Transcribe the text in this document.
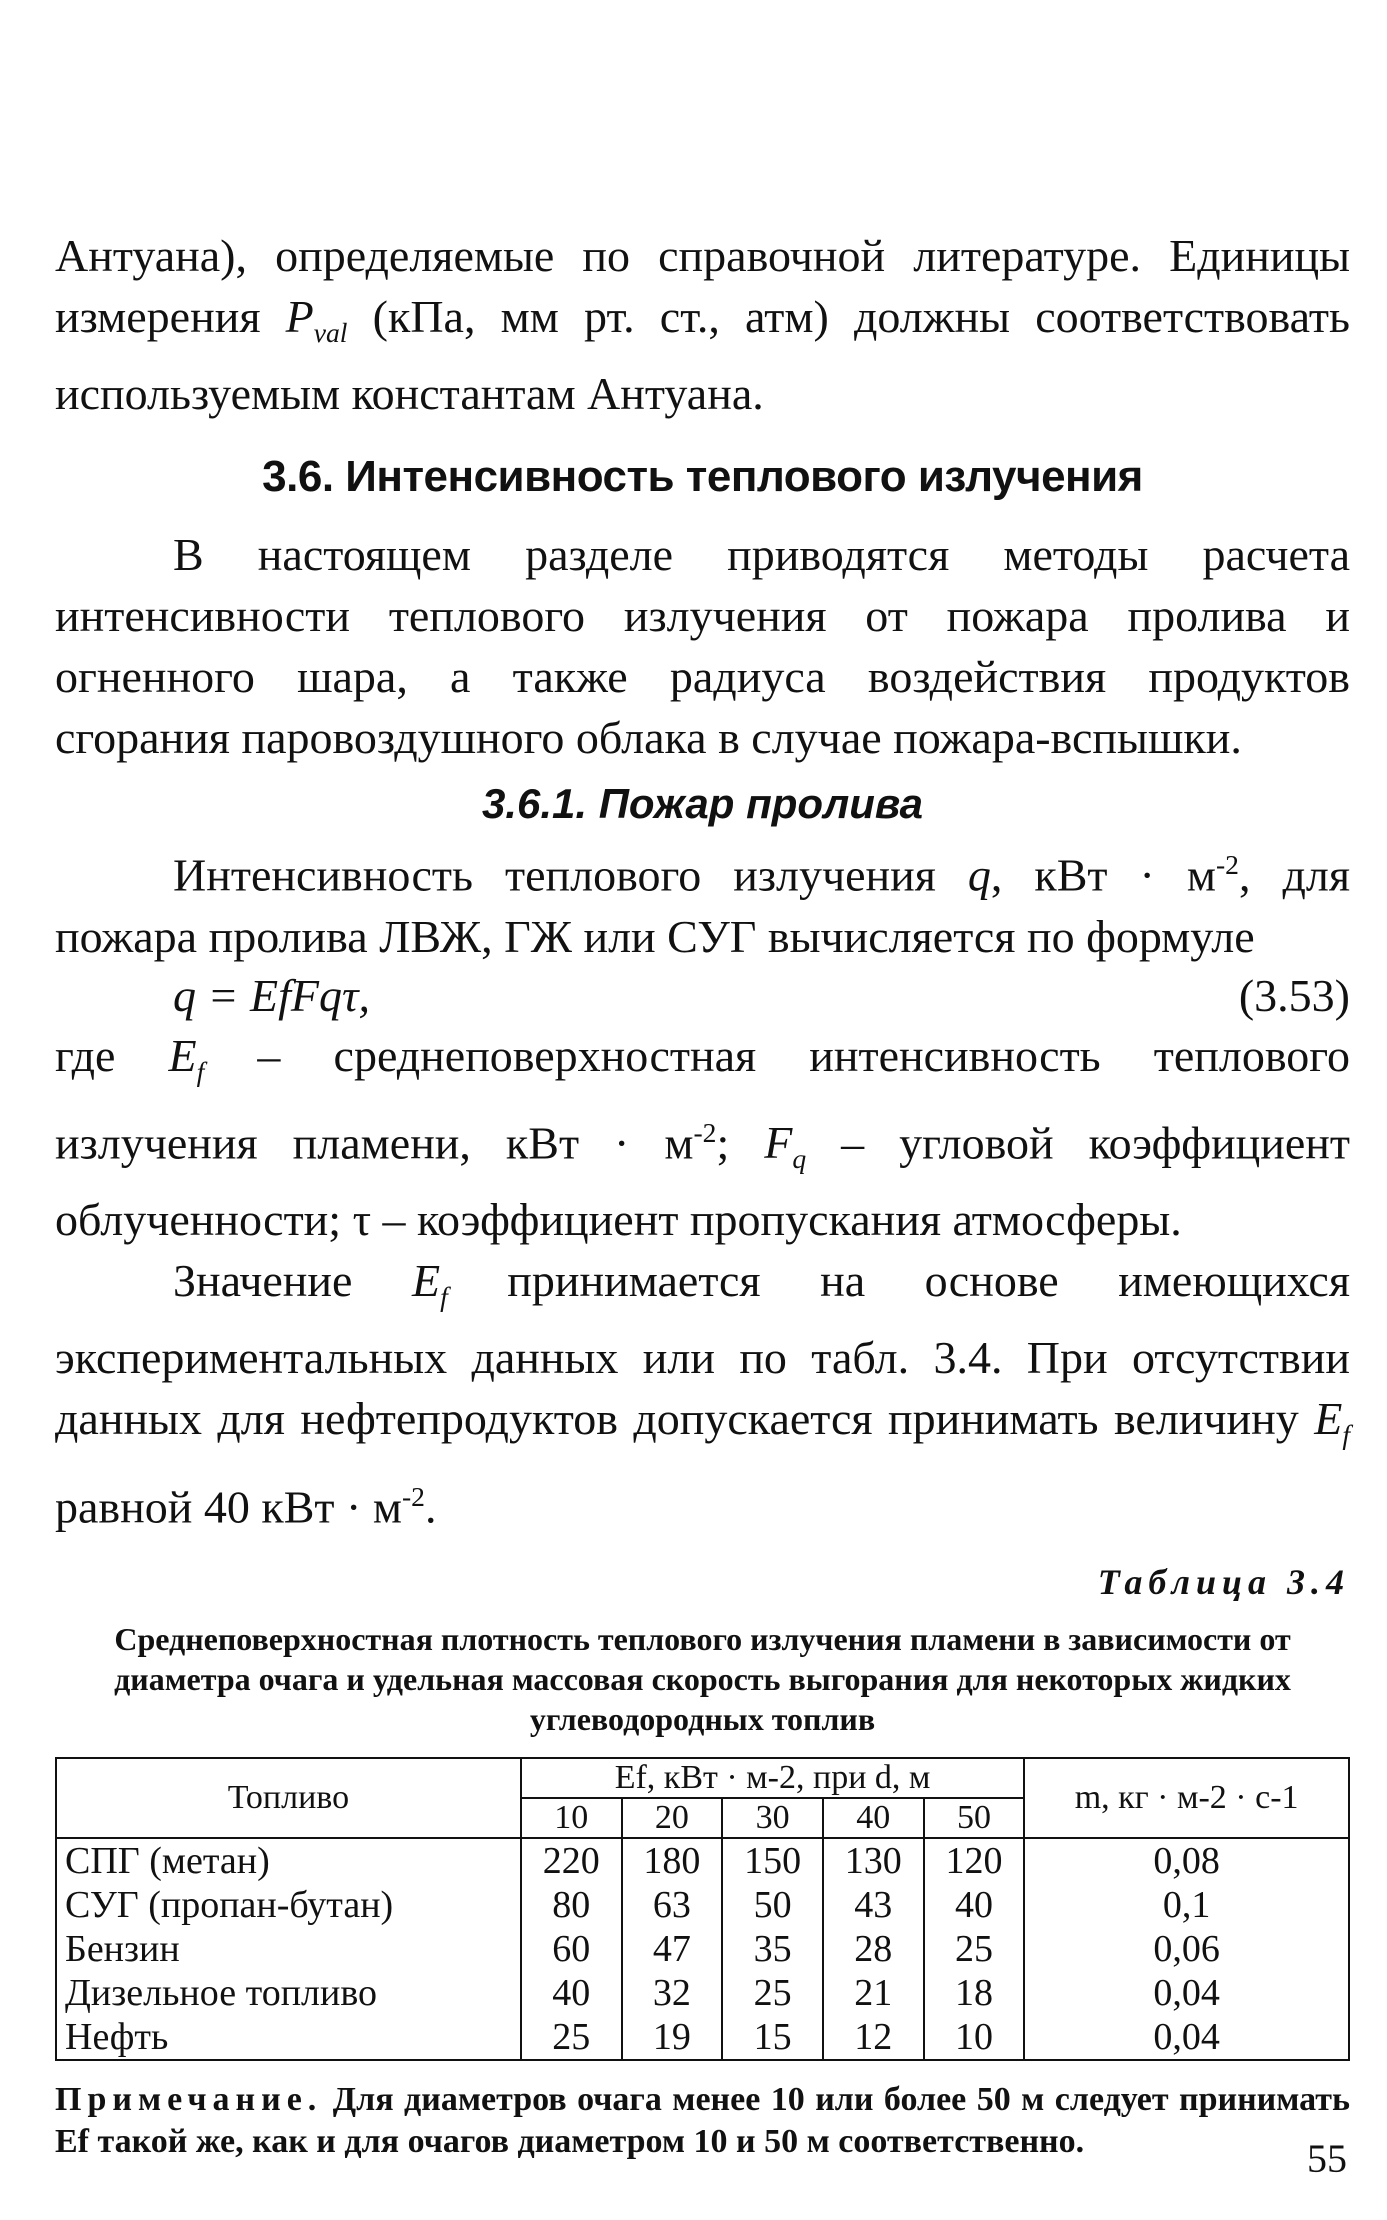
Антуана), определяемые по справочной литературе. Единицы измерения $P_{val}$ (кПа, мм рт. ст., атм) должны соответствовать используемым константам Антуана.

3.6. Интенсивность теплового излучения

В настоящем разделе приводятся методы расчета интенсивности теплового излучения от пожара пролива и огненного шара, а также радиуса воздействия продуктов сгорания паровоздушного облака в случае пожара-вспышки.

3.6.1. Пожар пролива

Интенсивность теплового излучения q, кВт · $м^{-2}$, для пожара пролива ЛВЖ, ГЖ или СУГ вычисляется по формуле

q = EfFqτ,	(3.53)

где $E_f$ – среднеповерхностная интенсивность теплового излучения пламени, кВт · $м^{-2}$; $F_q$ – угловой коэффициент облученности; τ – коэффициент пропускания атмосферы.

Значение $E_f$ принимается на основе имеющихся экспериментальных данных или по табл. 3.4. При отсутствии данных для нефтепродуктов допускается принимать величину $E_f$ равной 40 кВт · $м^{-2}$.

Таблица 3.4
Среднеповерхностная плотность теплового излучения пламени в зависимости от диаметра очага и удельная массовая скорость выгорания для некоторых жидких углеводородных топлив
Топливо	Ef, кВт · м-2, при d, м					m, кг · м-2 · с-1
	10	20	30	40	50	
СПГ (метан)	220	180	150	130	120	0,08
СУГ (пропан-бутан)	80	63	50	43	40	0,1
Бензин	60	47	35	28	25	0,06
Дизельное топливо	40	32	25	21	18	0,04
Нефть	25	19	15	12	10	0,04
Примечание. Для диаметров очага менее 10 или более 50 м следует принимать Ef такой же, как и для очагов диаметром 10 и 50 м соответственно.	55
